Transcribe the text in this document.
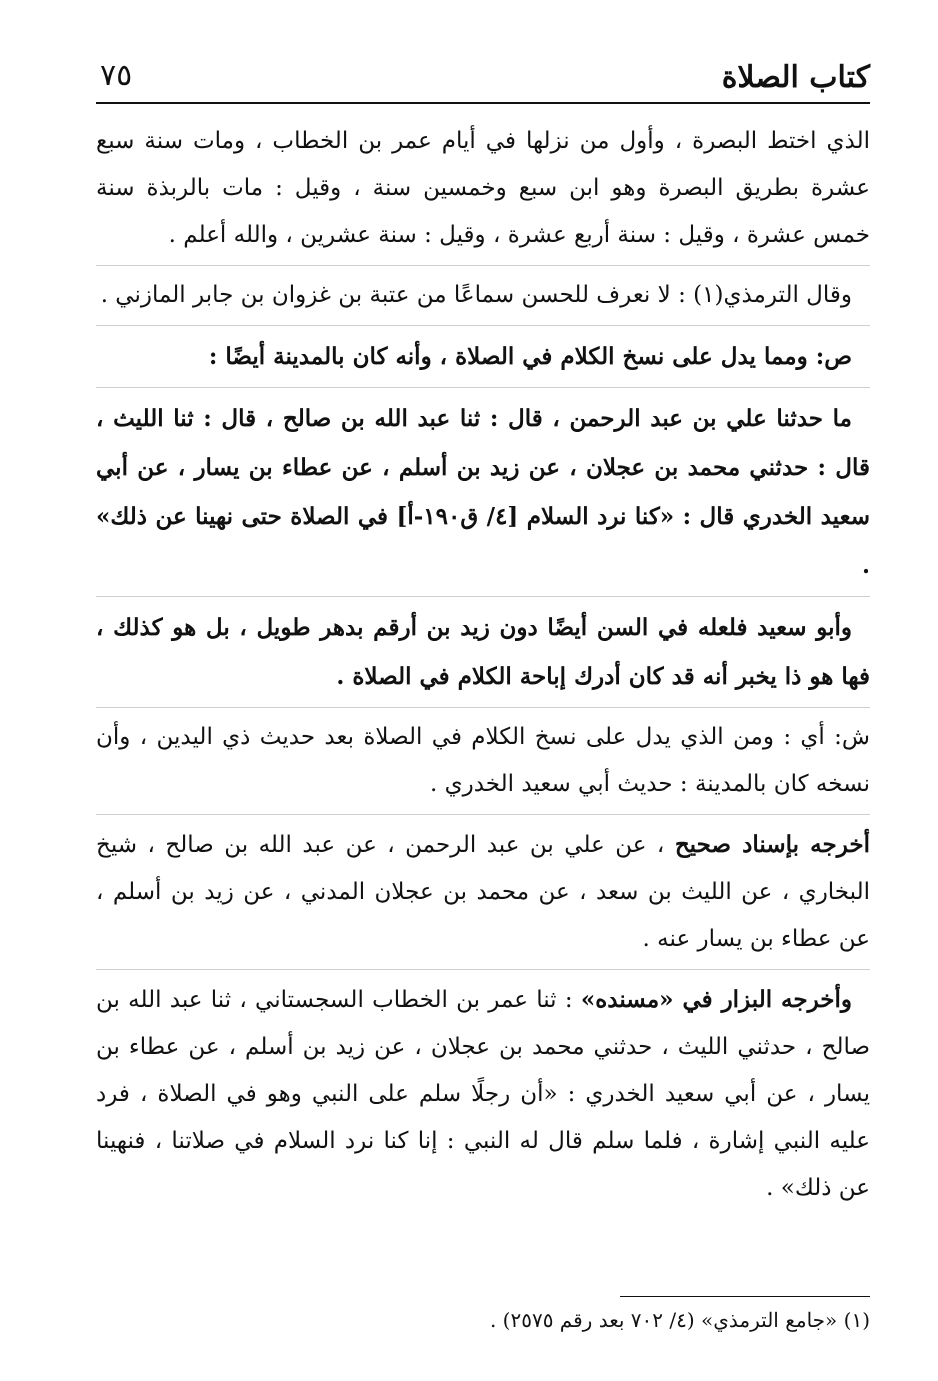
كتاب الصلاة
٧٥

الذي اختط البصرة ، وأول من نزلها في أيام عمر بن الخطاب ، ومات سنة سبع عشرة بطريق البصرة وهو ابن سبع وخمسين سنة ، وقيل : مات بالربذة سنة خمس عشرة ، وقيل : سنة أربع عشرة ، وقيل : سنة عشرين ، والله أعلم .

وقال الترمذي(١) : لا نعرف للحسن سماعًا من عتبة بن غزوان بن جابر المازني .

ص: ومما يدل على نسخ الكلام في الصلاة ، وأنه كان بالمدينة أيضًا :

ما حدثنا علي بن عبد الرحمن ، قال : ثنا عبد الله بن صالح ، قال : ثنا الليث ، قال : حدثني محمد بن عجلان ، عن زيد بن أسلم ، عن عطاء بن يسار ، عن أبي سعيد الخدري قال : «كنا نرد السلام [٤/ ق١٩٠-أ] في الصلاة حتى نهينا عن ذلك» .

وأبو سعيد فلعله في السن أيضًا دون زيد بن أرقم بدهر طويل ، بل هو كذلك ، فها هو ذا يخبر أنه قد كان أدرك إباحة الكلام في الصلاة .

ش: أي : ومن الذي يدل على نسخ الكلام في الصلاة بعد حديث ذي اليدين ، وأن نسخه كان بالمدينة : حديث أبي سعيد الخدري .

أخرجه بإسناد صحيح ، عن علي بن عبد الرحمن ، عن عبد الله بن صالح ، شيخ البخاري ، عن الليث بن سعد ، عن محمد بن عجلان المدني ، عن زيد بن أسلم ، عن عطاء بن يسار عنه .

وأخرجه البزار في «مسنده» : ثنا عمر بن الخطاب السجستاني ، ثنا عبد الله بن صالح ، حدثني الليث ، حدثني محمد بن عجلان ، عن زيد بن أسلم ، عن عطاء بن يسار ، عن أبي سعيد الخدري : «أن رجلًا سلم على النبي وهو في الصلاة ، فرد عليه النبي إشارة ، فلما سلم قال له النبي : إنا كنا نرد السلام في صلاتنا ، فنهينا عن ذلك» .

(١) «جامع الترمذي» (٤/ ٧٠٢ بعد رقم ٢٥٧٥) .
